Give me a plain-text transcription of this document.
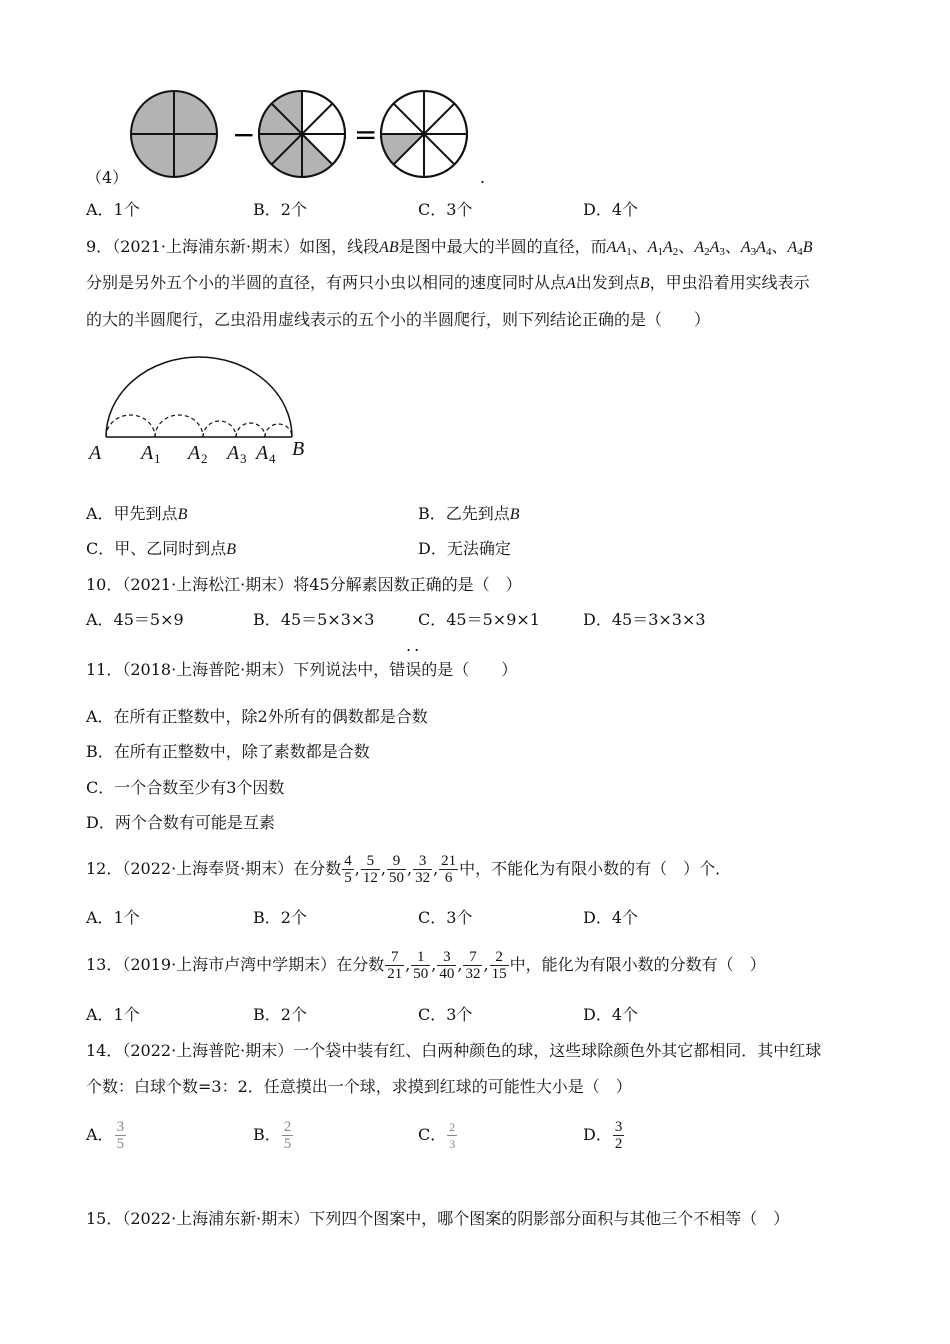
−	=
（4）	.
A．1个	B．2个	C．3个	D．4个
9．（2021·上海浦东新·期末）如图，线段AB是图中最大的半圆的直径，而$AA_1$、$A_1A_2$、$A_2A_3$、$A_3A_4$、$A_4B$
分别是另外五个小的半圆的直径，有两只小虫以相同的速度同时从点A出发到点B，甲虫沿着用实线表示
的大的半圆爬行，乙虫沿用虚线表示的五个小的半圆爬行，则下列结论正确的是（　　）
A A 1 A 2 A 3 A 4 B
A．甲先到点B	B．乙先到点B
C．甲、乙同时到点B	D．无法确定
10．（2021·上海松江·期末）将45分解素因数正确的是（　）
A．45＝5×9	B．45＝5×3×3	C．45＝5×9×1	D．45＝3×3×3
..
11．（2018·上海普陀·期末）下列说法中，错误的是（　　）
A．在所有正整数中，除2外所有的偶数都是合数
B．在所有正整数中，除了素数都是合数
C．一个合数至少有3个因数
D．两个合数有可能是互素
12．（2022·上海奉贤·期末）在分数 $\frac{4}{5}$ , $\frac{5}{12}$ , $\frac{9}{50}$ , $\frac{3}{32}$ , $\frac{21}{6}$ 中，不能化为有限小数的有（　）个．
A．1个	B．2个	C．3个	D．4个
13．（2019·上海市卢湾中学期末）在分数 $\frac{7}{21}$ , $\frac{1}{50}$ , $\frac{3}{40}$ , $\frac{7}{32}$ , $\frac{2}{15}$ 中，能化为有限小数的分数有（　）
A．1个	B．2个	C．3个	D．4个
14．（2022·上海普陀·期末）一个袋中装有红、白两种颜色的球，这些球除颜色外其它都相同．其中红球
个数：白球个数=3：2．任意摸出一个球，求摸到红球的可能性大小是（　）
A． $\frac{3}{5}$	B． $\frac{2}{5}$	C． $\frac{2}{3}$	D． $\frac{3}{2}$
15．（2022·上海浦东新·期末）下列四个图案中，哪个图案的阴影部分面积与其他三个不相等（　）
